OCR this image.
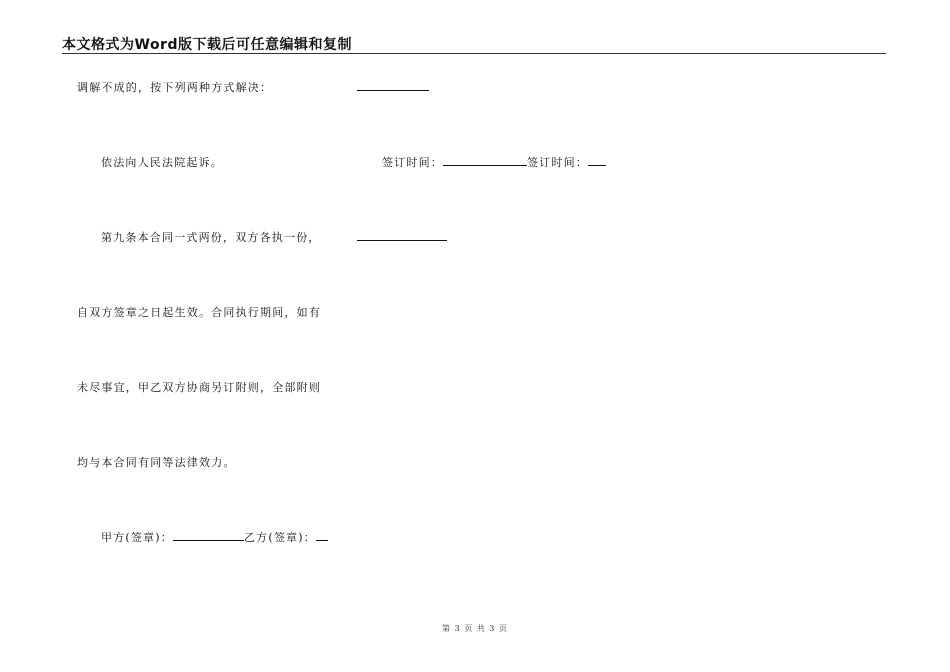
本文格式为Word版下载后可任意编辑和复制
调解不成的，按下列两种方式解决：
依法向人民法院起诉。
第九条本合同一式两份，双方各执一份，
自双方签章之日起生效。合同执行期间，如有
未尽事宜，甲乙双方协商另订附则，全部附则
均与本合同有同等法律效力。
甲方(签章)：	乙方(签章)：
签订时间：	签订时间：
第 3 页 共 3 页
